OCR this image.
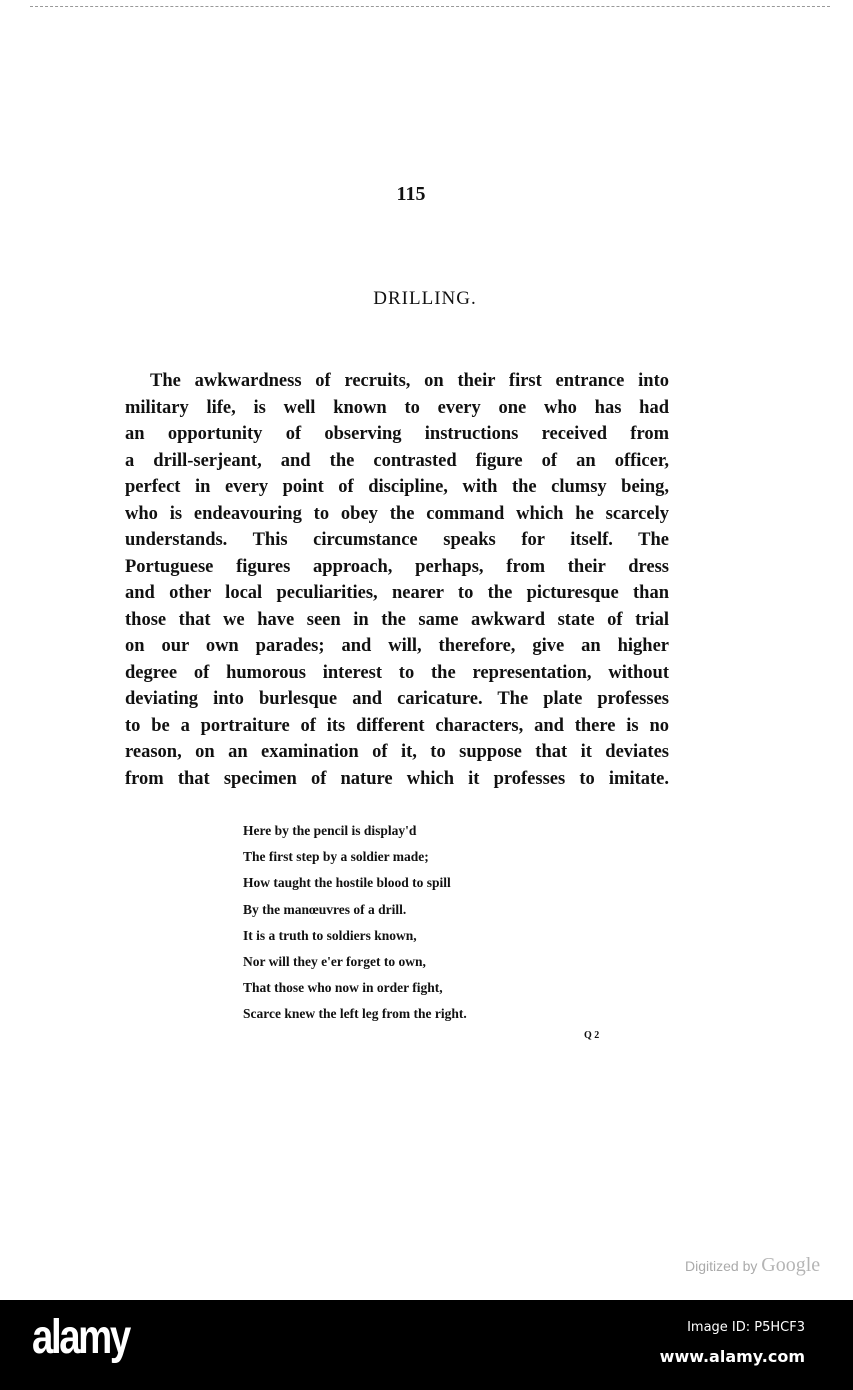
115
DRILLING.
The awkwardness of recruits, on their first entrance into
military life, is well known to every one who has had
an opportunity of observing instructions received from
a drill-serjeant, and the contrasted figure of an officer,
perfect in every point of discipline, with the clumsy being,
who is endeavouring to obey the command which he scarcely
understands. This circumstance speaks for itself. The
Portuguese figures approach, perhaps, from their dress
and other local peculiarities, nearer to the picturesque than
those that we have seen in the same awkward state of trial
on our own parades; and will, therefore, give an higher
degree of humorous interest to the representation, without
deviating into burlesque and caricature. The plate professes
to be a portraiture of its different characters, and there is no
reason, on an examination of it, to suppose that it deviates
from that specimen of nature which it professes to imitate.
Here by the pencil is display'd
The first step by a soldier made;
How taught the hostile blood to spill
By the manœuvres of a drill.
It is a truth to soldiers known,
Nor will they e'er forget to own,
That those who now in order fight,
Scarce knew the left leg from the right.
Q 2
Digitized by Google
alamy	Image ID: P5HCF3
www.alamy.com
